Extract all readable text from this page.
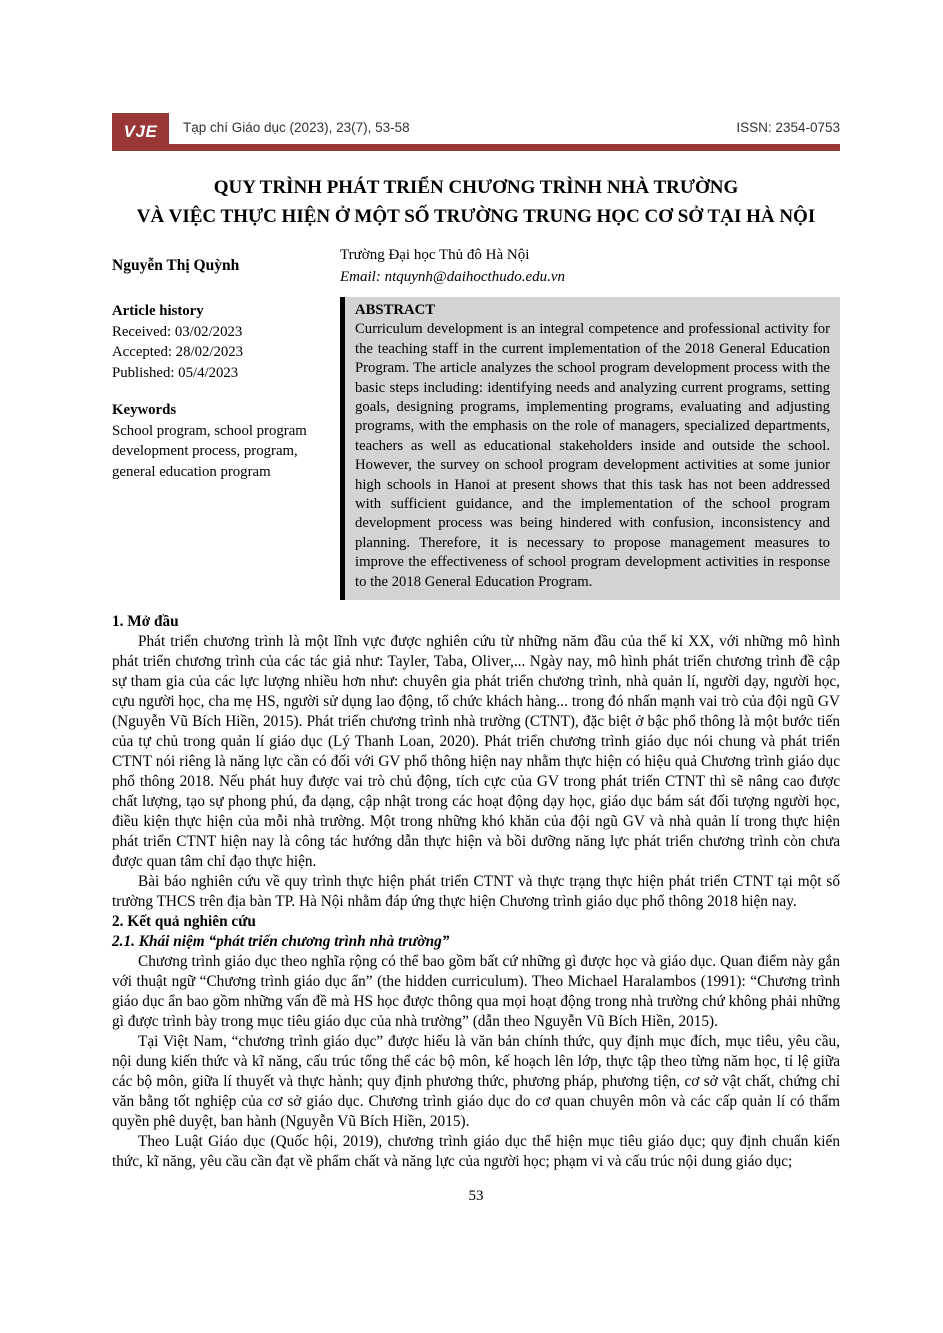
VJE	Tạp chí Giáo dục (2023), 23(7), 53-58	ISSN: 2354-0753
QUY TRÌNH PHÁT TRIỂN CHƯƠNG TRÌNH NHÀ TRƯỜNG
VÀ VIỆC THỰC HIỆN Ở MỘT SỐ TRƯỜNG TRUNG HỌC CƠ SỞ TẠI HÀ NỘI
Nguyễn Thị Quỳnh
Trường Đại học Thủ đô Hà Nội
Email: ntquynh@daihocthudo.edu.vn
Article history
Received: 03/02/2023
Accepted: 28/02/2023
Published: 05/4/2023
Keywords
School program, school program development process, program, general education program
ABSTRACT
Curriculum development is an integral competence and professional activity for the teaching staff in the current implementation of the 2018 General Education Program. The article analyzes the school program development process with the basic steps including: identifying needs and analyzing current programs, setting goals, designing programs, implementing programs, evaluating and adjusting programs, with the emphasis on the role of managers, specialized departments, teachers as well as educational stakeholders inside and outside the school. However, the survey on school program development activities at some junior high schools in Hanoi at present shows that this task has not been addressed with sufficient guidance, and the implementation of the school program development process was being hindered with confusion, inconsistency and planning. Therefore, it is necessary to propose management measures to improve the effectiveness of school program development activities in response to the 2018 General Education Program.
1. Mở đầu

Phát triển chương trình là một lĩnh vực được nghiên cứu từ những năm đầu của thế kỉ XX, với những mô hình phát triển chương trình của các tác giả như: Tayler, Taba, Oliver,... Ngày nay, mô hình phát triển chương trình đề cập sự tham gia của các lực lượng nhiều hơn như: chuyên gia phát triển chương trình, nhà quản lí, người dạy, người học, cựu người học, cha mẹ HS, người sử dụng lao động, tổ chức khách hàng... trong đó nhấn mạnh vai trò của đội ngũ GV (Nguyễn Vũ Bích Hiền, 2015). Phát triển chương trình nhà trường (CTNT), đặc biệt ở bậc phổ thông là một bước tiến của tự chủ trong quản lí giáo dục (Lý Thanh Loan, 2020). Phát triển chương trình giáo dục nói chung và phát triển CTNT nói riêng là năng lực cần có đối với GV phổ thông hiện nay nhằm thực hiện có hiệu quả Chương trình giáo dục phổ thông 2018. Nếu phát huy được vai trò chủ động, tích cực của GV trong phát triển CTNT thì sẽ nâng cao được chất lượng, tạo sự phong phú, đa dạng, cập nhật trong các hoạt động dạy học, giáo dục bám sát đối tượng người học, điều kiện thực hiện của mỗi nhà trường. Một trong những khó khăn của đội ngũ GV và nhà quản lí trong thực hiện phát triển CTNT hiện nay là công tác hướng dẫn thực hiện và bồi dưỡng năng lực phát triển chương trình còn chưa được quan tâm chỉ đạo thực hiện.

Bài báo nghiên cứu về quy trình thực hiện phát triển CTNT và thực trạng thực hiện phát triển CTNT tại một số trường THCS trên địa bàn TP. Hà Nội nhằm đáp ứng thực hiện Chương trình giáo dục phổ thông 2018 hiện nay.

2. Kết quả nghiên cứu
2.1. Khái niệm “phát triển chương trình nhà trường”

Chương trình giáo dục theo nghĩa rộng có thể bao gồm bất cứ những gì được học và giáo dục. Quan điểm này gắn với thuật ngữ “Chương trình giáo dục ẩn” (the hidden curriculum). Theo Michael Haralambos (1991): “Chương trình giáo dục ẩn bao gồm những vấn đề mà HS học được thông qua mọi hoạt động trong nhà trường chứ không phải những gì được trình bày trong mục tiêu giáo dục của nhà trường” (dẫn theo Nguyễn Vũ Bích Hiền, 2015).

Tại Việt Nam, “chương trình giáo dục” được hiểu là văn bản chính thức, quy định mục đích, mục tiêu, yêu cầu, nội dung kiến thức và kĩ năng, cấu trúc tổng thể các bộ môn, kế hoạch lên lớp, thực tập theo từng năm học, tỉ lệ giữa các bộ môn, giữa lí thuyết và thực hành; quy định phương thức, phương pháp, phương tiện, cơ sở vật chất, chứng chỉ văn bằng tốt nghiệp của cơ sở giáo dục. Chương trình giáo dục do cơ quan chuyên môn và các cấp quản lí có thẩm quyền phê duyệt, ban hành (Nguyễn Vũ Bích Hiền, 2015).

Theo Luật Giáo dục (Quốc hội, 2019), chương trình giáo dục thể hiện mục tiêu giáo dục; quy định chuẩn kiến thức, kĩ năng, yêu cầu cần đạt về phẩm chất và năng lực của người học; phạm vi và cấu trúc nội dung giáo dục;

53
